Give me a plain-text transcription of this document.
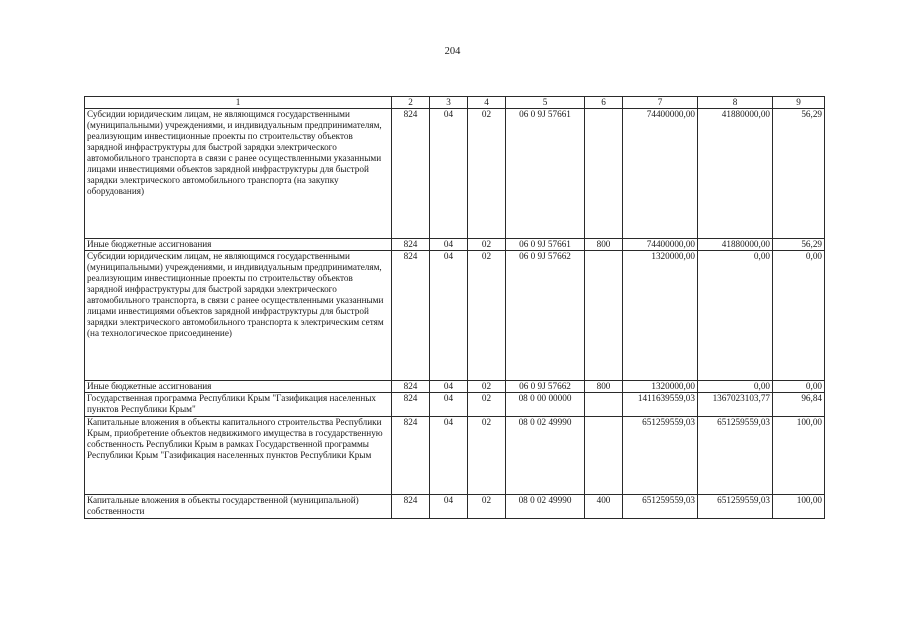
204
1	2	3	4	5	6	7	8	9
Субсидии юридическим лицам, не являющимся государственными (муниципальными) учреждениями, и индивидуальным предпринимателям, реализующим инвестиционные проекты по строительству объектов зарядной инфраструктуры для быстрой зарядки электрического автомобильного транспорта в связи с ранее осуществленными указанными лицами инвестициями объектов зарядной инфраструктуры для быстрой зарядки электрического автомобильного транспорта (на закупку оборудования)	824	04	02	06 0 9J 57661		74400000,00	41880000,00	56,29
Иные бюджетные ассигнования	824	04	02	06 0 9J 57661	800	74400000,00	41880000,00	56,29
Субсидии юридическим лицам, не являющимся государственными (муниципальными) учреждениями, и индивидуальным предпринимателям, реализующим инвестиционные проекты по строительству объектов зарядной инфраструктуры для быстрой зарядки электрического автомобильного транспорта, в связи с ранее осуществленными указанными лицами инвестициями объектов зарядной инфраструктуры для быстрой зарядки электрического автомобильного транспорта к электрическим сетям (на технологическое присоединение)	824	04	02	06 0 9J 57662		1320000,00	0,00	0,00
Иные бюджетные ассигнования	824	04	02	06 0 9J 57662	800	1320000,00	0,00	0,00
Государственная программа Республики Крым "Газификация населенных пунктов Республики Крым"	824	04	02	08 0 00 00000		1411639559,03	1367023103,77	96,84
Капитальные вложения в объекты капитального строительства Республики Крым, приобретение объектов недвижимого имущества в государственную собственность Республики Крым в рамках Государственной программы Республики Крым "Газификация населенных пунктов Республики Крым	824	04	02	08 0 02 49990		651259559,03	651259559,03	100,00
Капитальные вложения в объекты государственной (муниципальной) собственности	824	04	02	08 0 02 49990	400	651259559,03	651259559,03	100,00
